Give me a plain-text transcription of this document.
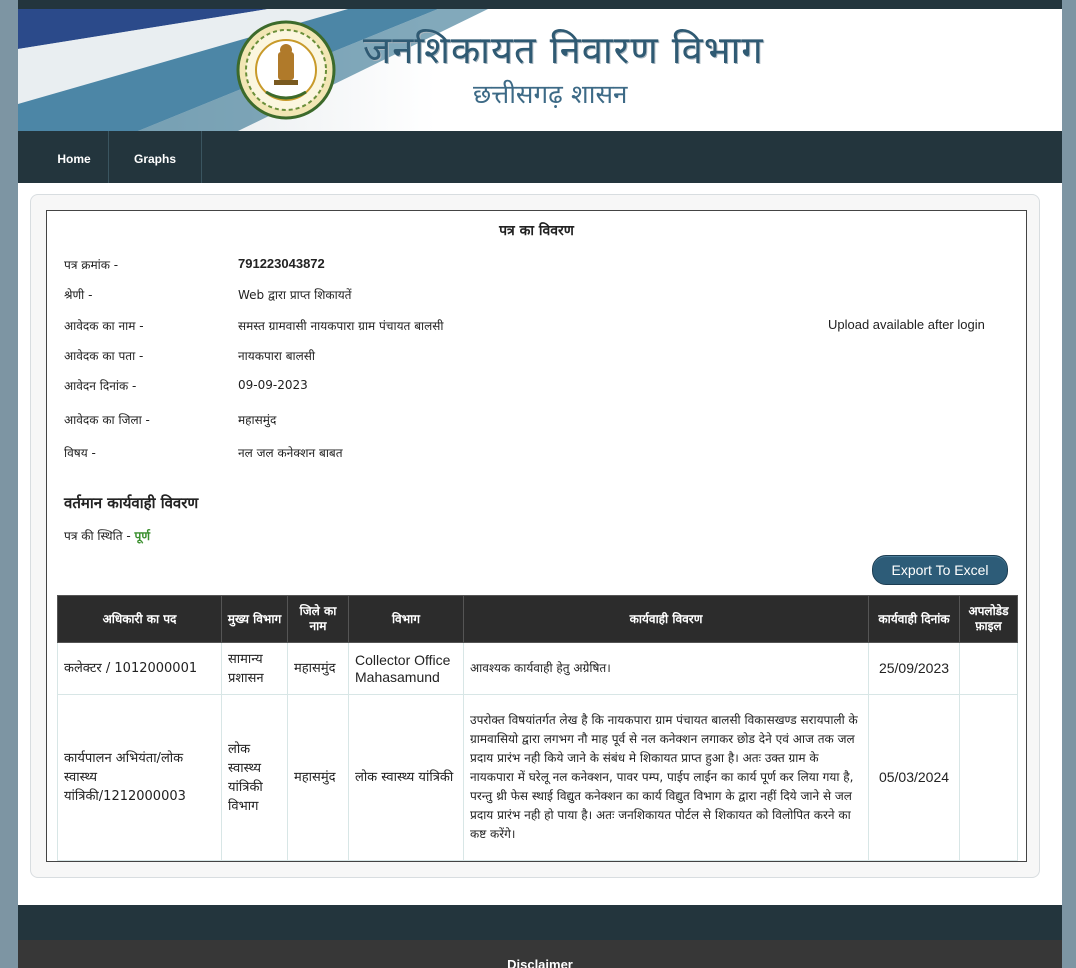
जनशिकायत निवारण विभाग
छत्तीसगढ़ शासन
Home	Graphs
पत्र का विवरण
पत्र क्रमांक -	791223043872
श्रेणी -	Web द्वारा प्राप्त शिकायतें
आवेदक का नाम -	समस्त ग्रामवासी नायकपारा ग्राम पंचायत बालसी
आवेदक का पता -	नायकपारा बालसी
आवेदन दिनांक -	09-09-2023
आवेदक का जिला -	महासमुंद
विषय -	नल जल कनेक्शन बाबत
Upload available after login
वर्तमान कार्यवाही विवरण
पत्र की स्थिति - पूर्ण
Export To Excel
अधिकारी का पद	मुख्य विभाग	जिले का नाम	विभाग	कार्यवाही विवरण	कार्यवाही दिनांक	अपलोडेड फ़ाइल
कलेक्टर / 1012000001	सामान्य प्रशासन	महासमुंद	Collector Office Mahasamund	आवश्यक कार्यवाही हेतु अग्रेषित।	25/09/2023	
कार्यपालन अभियंता/लोक स्वास्थ्य यांत्रिकी/1212000003	लोक स्वास्थ्य यांत्रिकी विभाग	महासमुंद	लोक स्वास्थ्य यांत्रिकी	उपरोक्त विषयांतर्गत लेख है कि नायकपारा ग्राम पंचायत बालसी विकासखण्ड सरायपाली के ग्रामवासियो द्वारा लगभग नौ माह पूर्व से नल कनेक्शन लगाकर छोड देने एवं आज तक जल प्रदाय प्रारंभ नही किये जाने के संबंध मे शिकायत प्राप्त हुआ है। अतः उक्त ग्राम के नायकपारा में घरेलू नल कनेक्शन, पावर पम्प, पाईप लाईन का कार्य पूर्ण कर लिया गया है, परन्तु थ्री फेस स्थाई विद्युत कनेक्शन का कार्य विद्युत विभाग के द्वारा नहीं दिये जाने से जल प्रदाय प्रारंभ नही हो पाया है। अतः जनशिकायत पोर्टल से शिकायत को विलोपित करने का कष्ट करेंगे।	05/03/2024	
Disclaimer
